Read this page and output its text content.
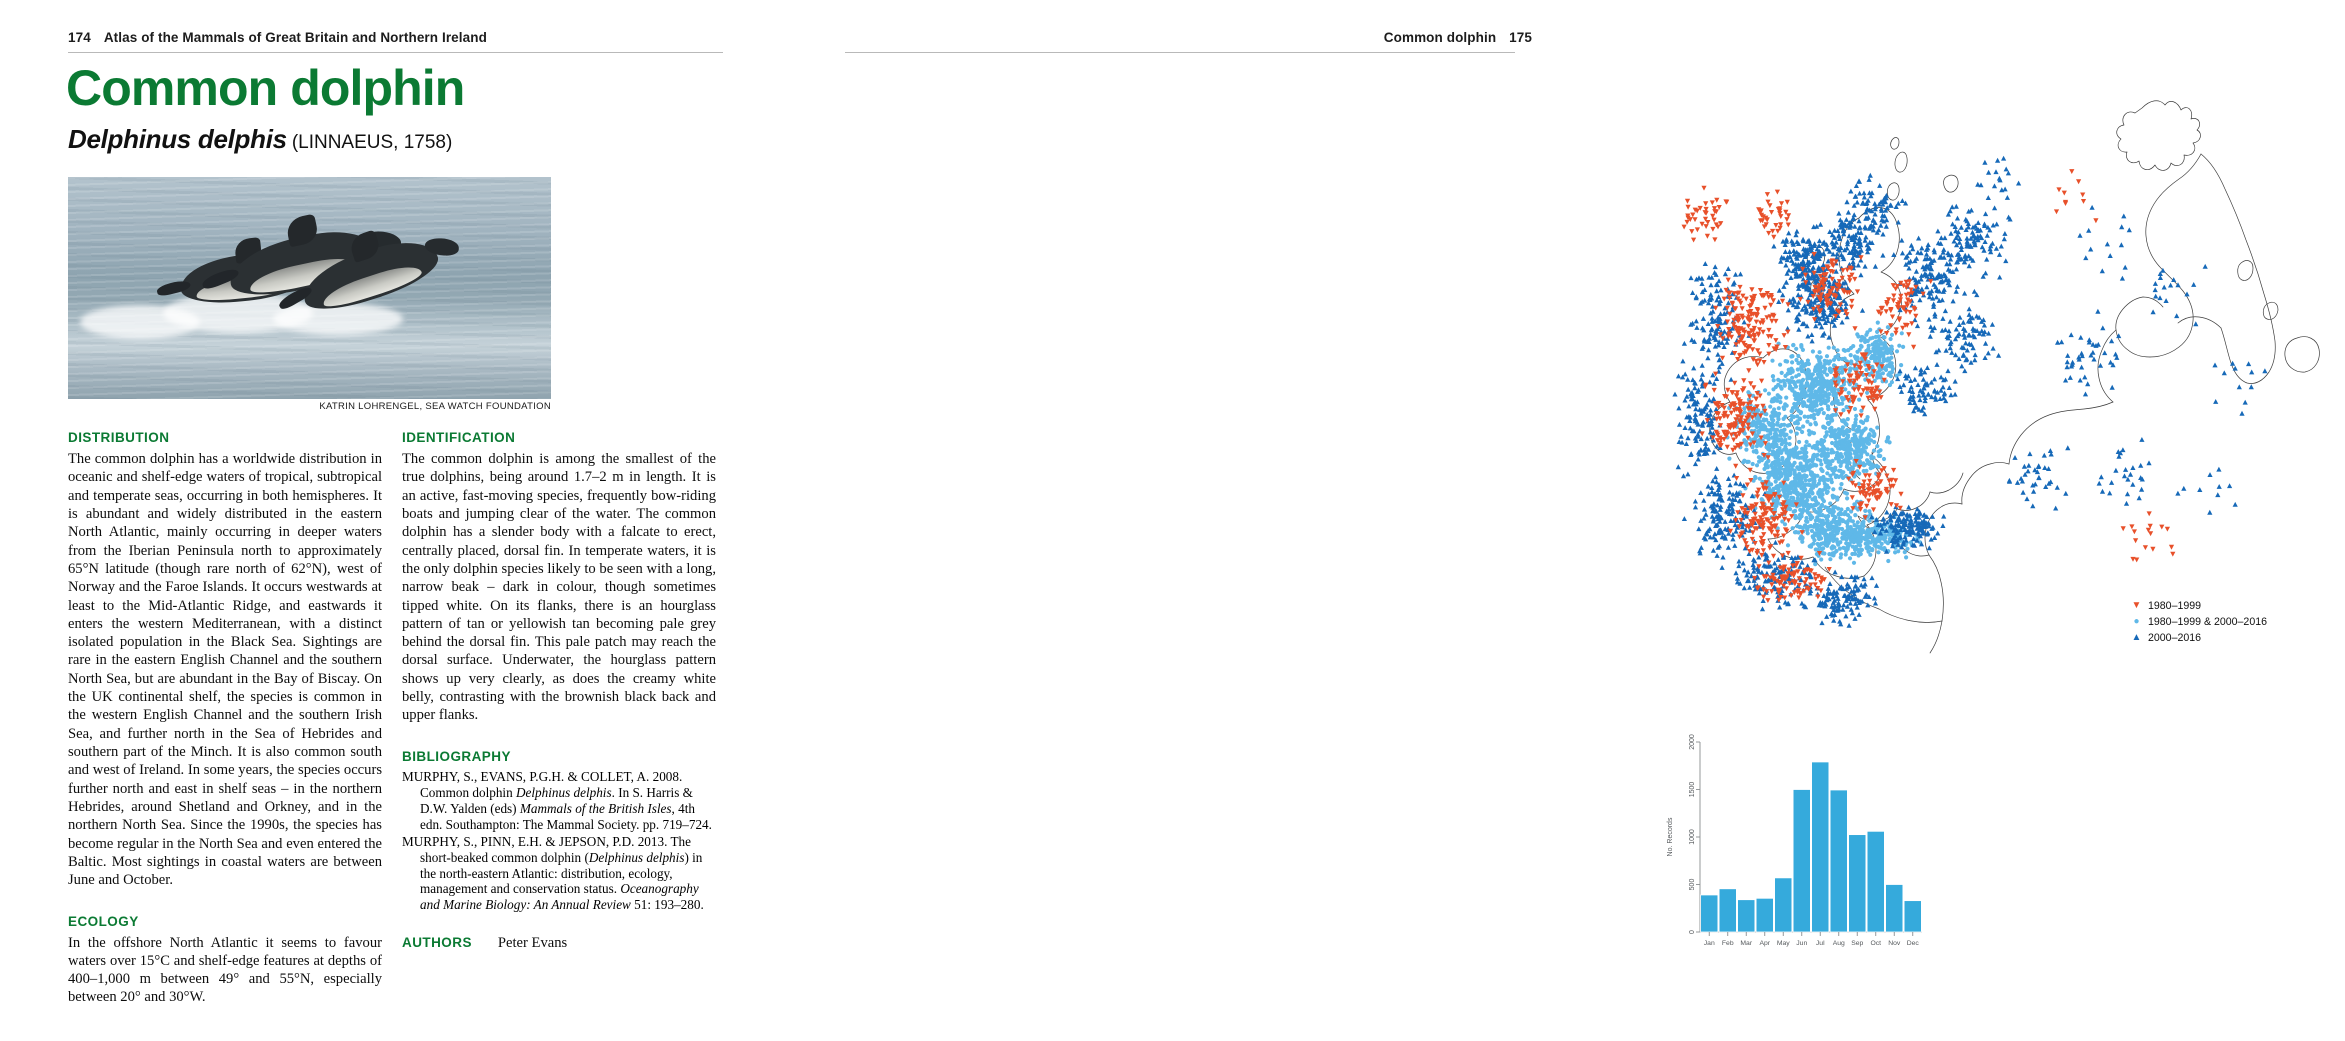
174 Atlas of the Mammals of Great Britain and Northern Ireland
Common dolphin
Delphinus delphis (LINNAEUS, 1758)
KATRIN LOHRENGEL, SEA WATCH FOUNDATION
DISTRIBUTION

The common dolphin has a worldwide distribution in oceanic and shelf-edge waters of tropical, subtropical and temperate seas, occurring in both hemispheres. It is abundant and widely distributed in the eastern North Atlantic, mainly occurring in deeper waters from the Iberian Peninsula north to approximately 65°N latitude (though rare north of 62°N), west of Norway and the Faroe Islands. It occurs westwards at least to the Mid-Atlantic Ridge, and eastwards it enters the western Mediterranean, with a distinct isolated population in the Black Sea. Sightings are rare in the eastern English Channel and the southern North Sea, but are abundant in the Bay of Biscay. On the UK continental shelf, the species is common in the western English Channel and the southern Irish Sea, and further north in the Sea of Hebrides and southern part of the Minch. It is also common south and west of Ireland. In some years, the species occurs further north and east in shelf seas – in the northern Hebrides, around Shetland and Orkney, and in the northern North Sea. Since the 1990s, the species has become regular in the North Sea and even entered the Baltic. Most sightings in coastal waters are between June and October.

ECOLOGY

In the offshore North Atlantic it seems to favour waters over 15°C and shelf-edge features at depths of 400–1,000 m between 49° and 55°N, especially between 20° and 30°W.

IDENTIFICATION

The common dolphin is among the smallest of the true dolphins, being around 1.7–2 m in length. It is an active, fast-moving species, frequently bow-riding boats and jumping clear of the water. The common dolphin has a slender body with a falcate to erect, centrally placed, dorsal fin. In temperate waters, it is the only dolphin species likely to be seen with a long, narrow beak – dark in colour, though sometimes tipped white. On its flanks, there is an hourglass pattern of tan or yellowish tan becoming pale grey behind the dorsal fin. This pale patch may reach the dorsal surface. Underwater, the hourglass pattern shows up very clearly, as does the creamy white belly, contrasting with the brownish black back and upper flanks.

BIBLIOGRAPHY

MURPHY, S., EVANS, P.G.H. & COLLET, A. 2008. Common dolphin Delphinus delphis. In S. Harris & D.W. Yalden (eds) Mammals of the British Isles, 4th edn. Southampton: The Mammal Society. pp. 719–724.

MURPHY, S., PINN, E.H. & JEPSON, P.D. 2013. The short-beaked common dolphin (Delphinus delphis) in the north-eastern Atlantic: distribution, ecology, management and conservation status. Oceanography and Marine Biology: An Annual Review 51: 193–280.

AUTHORS Peter Evans
Common dolphin 175
▼ 1980–1999
● 1980–1999 & 2000–2016
▲ 2000–2016
0
500
1000
1500
2000
No. Records
Jan Feb Mar Apr May Jun Jul Aug Sep Oct Nov Dec
